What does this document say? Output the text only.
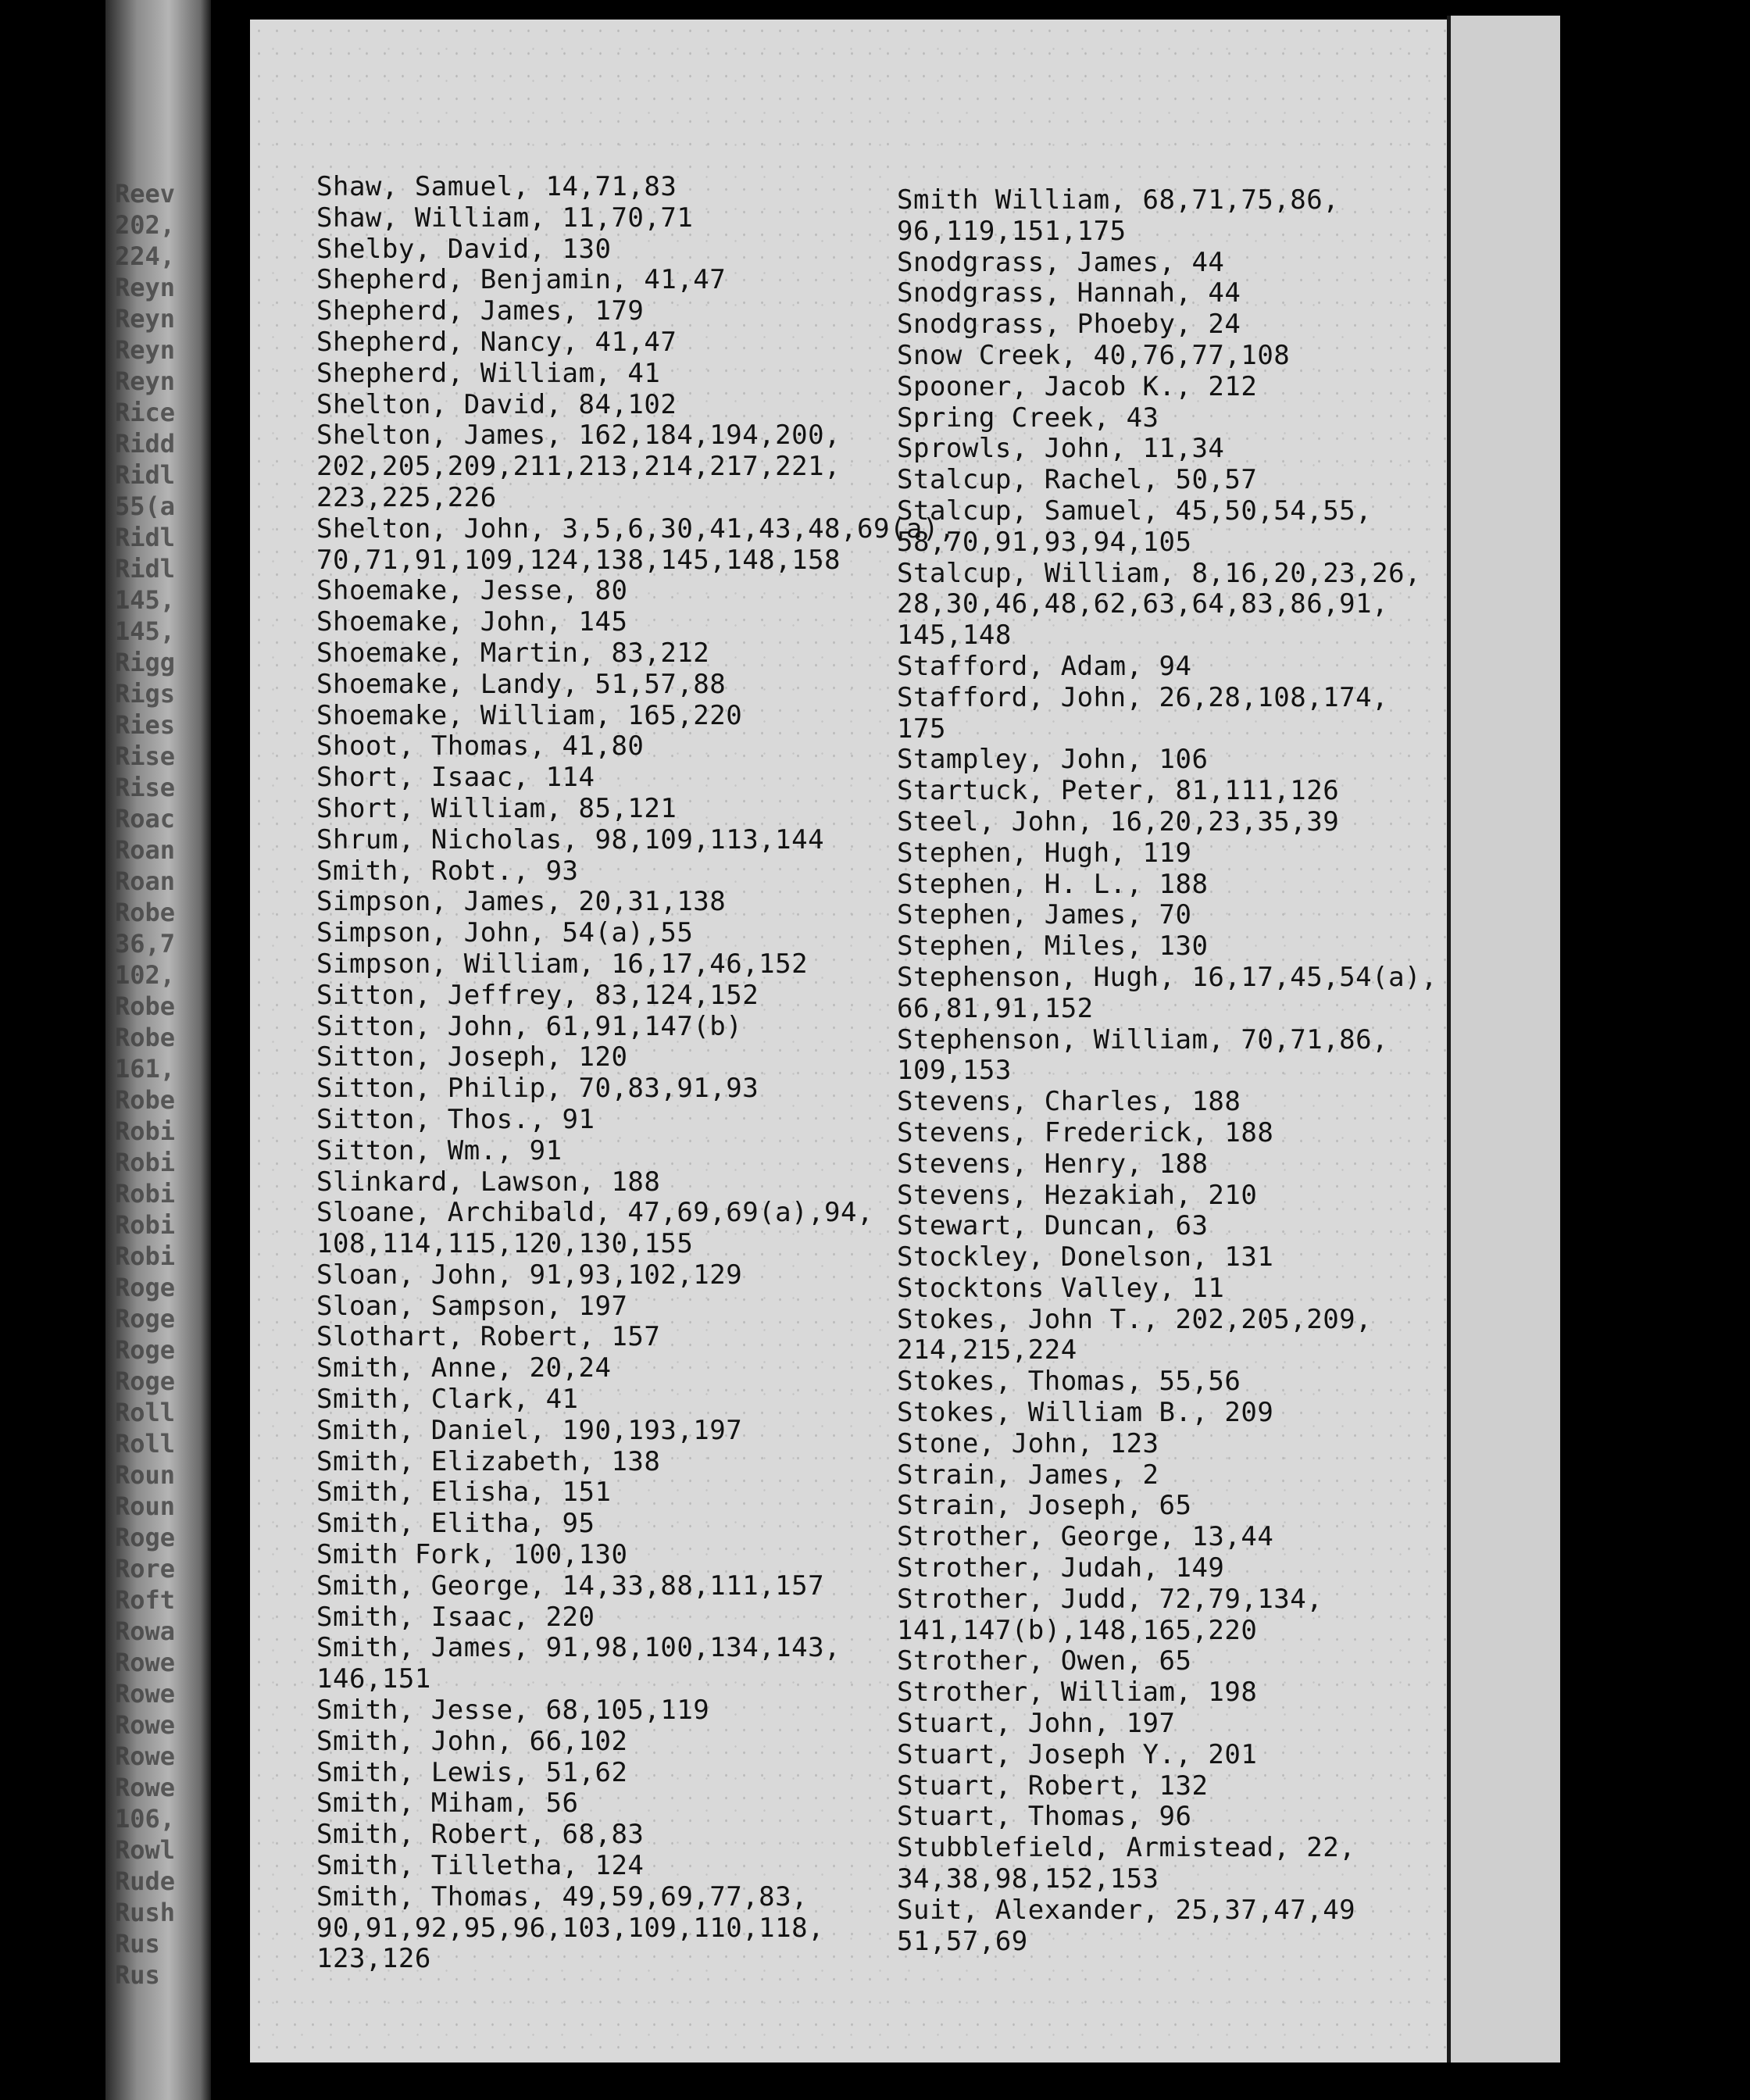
Reev
202,
224,
Reyn
Reyn
Reyn
Reyn
Rice
Ridd
Ridl
55(a
Ridl
Ridl
145,
145,
Rigg
Rigs
Ries
Rise
Rise
Roac
Roan
Roan
Robe
36,7
102,
Robe
Robe
161,
Robe
Robi
Robi
Robi
Robi
Robi
Roge
Roge
Roge
Roge
Roll
Roll
Roun
Roun
Roge
Rore
Roft
Rowa
Rowe
Rowe
Rowe
Rowe
Rowe
106,
Rowl
Rude
Rush
Rus
Rus
Shaw, Samuel, 14,71,83
Shaw, William, 11,70,71
Shelby, David, 130
Shepherd, Benjamin, 41,47
Shepherd, James, 179
Shepherd, Nancy, 41,47
Shepherd, William, 41
Shelton, David, 84,102
Shelton, James, 162,184,194,200,
202,205,209,211,213,214,217,221,
223,225,226
Shelton, John, 3,5,6,30,41,43,48,69(a),
70,71,91,109,124,138,145,148,158
Shoemake, Jesse, 80
Shoemake, John, 145
Shoemake, Martin, 83,212
Shoemake, Landy, 51,57,88
Shoemake, William, 165,220
Shoot, Thomas, 41,80
Short, Isaac, 114
Short, William, 85,121
Shrum, Nicholas, 98,109,113,144
Smith, Robt., 93
Simpson, James, 20,31,138
Simpson, John, 54(a),55
Simpson, William, 16,17,46,152
Sitton, Jeffrey, 83,124,152
Sitton, John, 61,91,147(b)
Sitton, Joseph, 120
Sitton, Philip, 70,83,91,93
Sitton, Thos., 91
Sitton, Wm., 91
Slinkard, Lawson, 188
Sloane, Archibald, 47,69,69(a),94,
108,114,115,120,130,155
Sloan, John, 91,93,102,129
Sloan, Sampson, 197
Slothart, Robert, 157
Smith, Anne, 20,24
Smith, Clark, 41
Smith, Daniel, 190,193,197
Smith, Elizabeth, 138
Smith, Elisha, 151
Smith, Elitha, 95
Smith Fork, 100,130
Smith, George, 14,33,88,111,157
Smith, Isaac, 220
Smith, James, 91,98,100,134,143,
146,151
Smith, Jesse, 68,105,119
Smith, John, 66,102
Smith, Lewis, 51,62
Smith, Miham, 56
Smith, Robert, 68,83
Smith, Tilletha, 124
Smith, Thomas, 49,59,69,77,83,
90,91,92,95,96,103,109,110,118,
123,126
Smith William, 68,71,75,86,
96,119,151,175
Snodgrass, James, 44
Snodgrass, Hannah, 44
Snodgrass, Phoeby, 24
Snow Creek, 40,76,77,108
Spooner, Jacob K., 212
Spring Creek, 43
Sprowls, John, 11,34
Stalcup, Rachel, 50,57
Stalcup, Samuel, 45,50,54,55,
58,70,91,93,94,105
Stalcup, William, 8,16,20,23,26,
28,30,46,48,62,63,64,83,86,91,
145,148
Stafford, Adam, 94
Stafford, John, 26,28,108,174,
175
Stampley, John, 106
Startuck, Peter, 81,111,126
Steel, John, 16,20,23,35,39
Stephen, Hugh, 119
Stephen, H. L., 188
Stephen, James, 70
Stephen, Miles, 130
Stephenson, Hugh, 16,17,45,54(a),
66,81,91,152
Stephenson, William, 70,71,86,
109,153
Stevens, Charles, 188
Stevens, Frederick, 188
Stevens, Henry, 188
Stevens, Hezakiah, 210
Stewart, Duncan, 63
Stockley, Donelson, 131
Stocktons Valley, 11
Stokes, John T., 202,205,209,
214,215,224
Stokes, Thomas, 55,56
Stokes, William B., 209
Stone, John, 123
Strain, James, 2
Strain, Joseph, 65
Strother, George, 13,44
Strother, Judah, 149
Strother, Judd, 72,79,134,
141,147(b),148,165,220
Strother, Owen, 65
Strother, William, 198
Stuart, John, 197
Stuart, Joseph Y., 201
Stuart, Robert, 132
Stuart, Thomas, 96
Stubblefield, Armistead, 22,
34,38,98,152,153
Suit, Alexander, 25,37,47,49
51,57,69
